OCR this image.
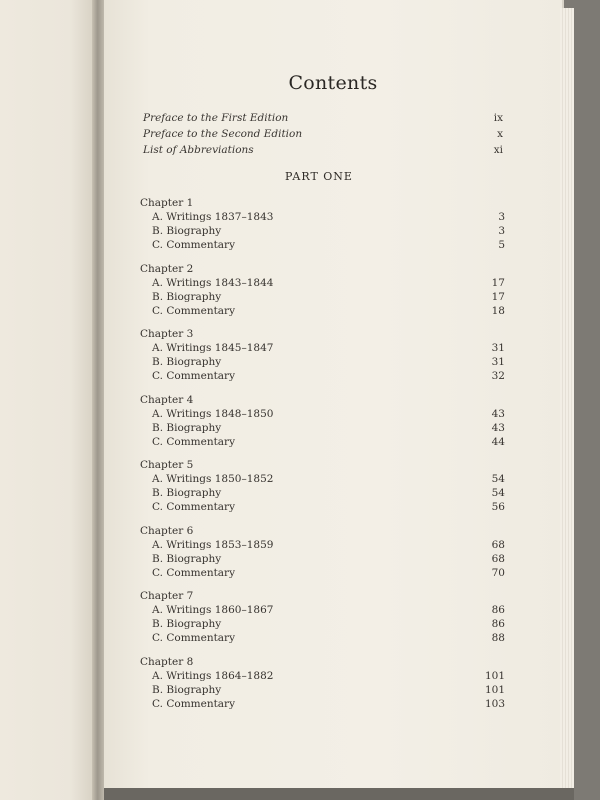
Contents
Preface to the First Edition	ix
Preface to the Second Edition	x
List of Abbreviations	xi
PART ONE
Chapter 1
A. Writings 1837–1843	3
B. Biography	3
C. Commentary	5
Chapter 2
A. Writings 1843–1844	17
B. Biography	17
C. Commentary	18
Chapter 3
A. Writings 1845–1847	31
B. Biography	31
C. Commentary	32
Chapter 4
A. Writings 1848–1850	43
B. Biography	43
C. Commentary	44
Chapter 5
A. Writings 1850–1852	54
B. Biography	54
C. Commentary	56
Chapter 6
A. Writings 1853–1859	68
B. Biography	68
C. Commentary	70
Chapter 7
A. Writings 1860–1867	86
B. Biography	86
C. Commentary	88
Chapter 8
A. Writings 1864–1882	101
B. Biography	101
C. Commentary	103
